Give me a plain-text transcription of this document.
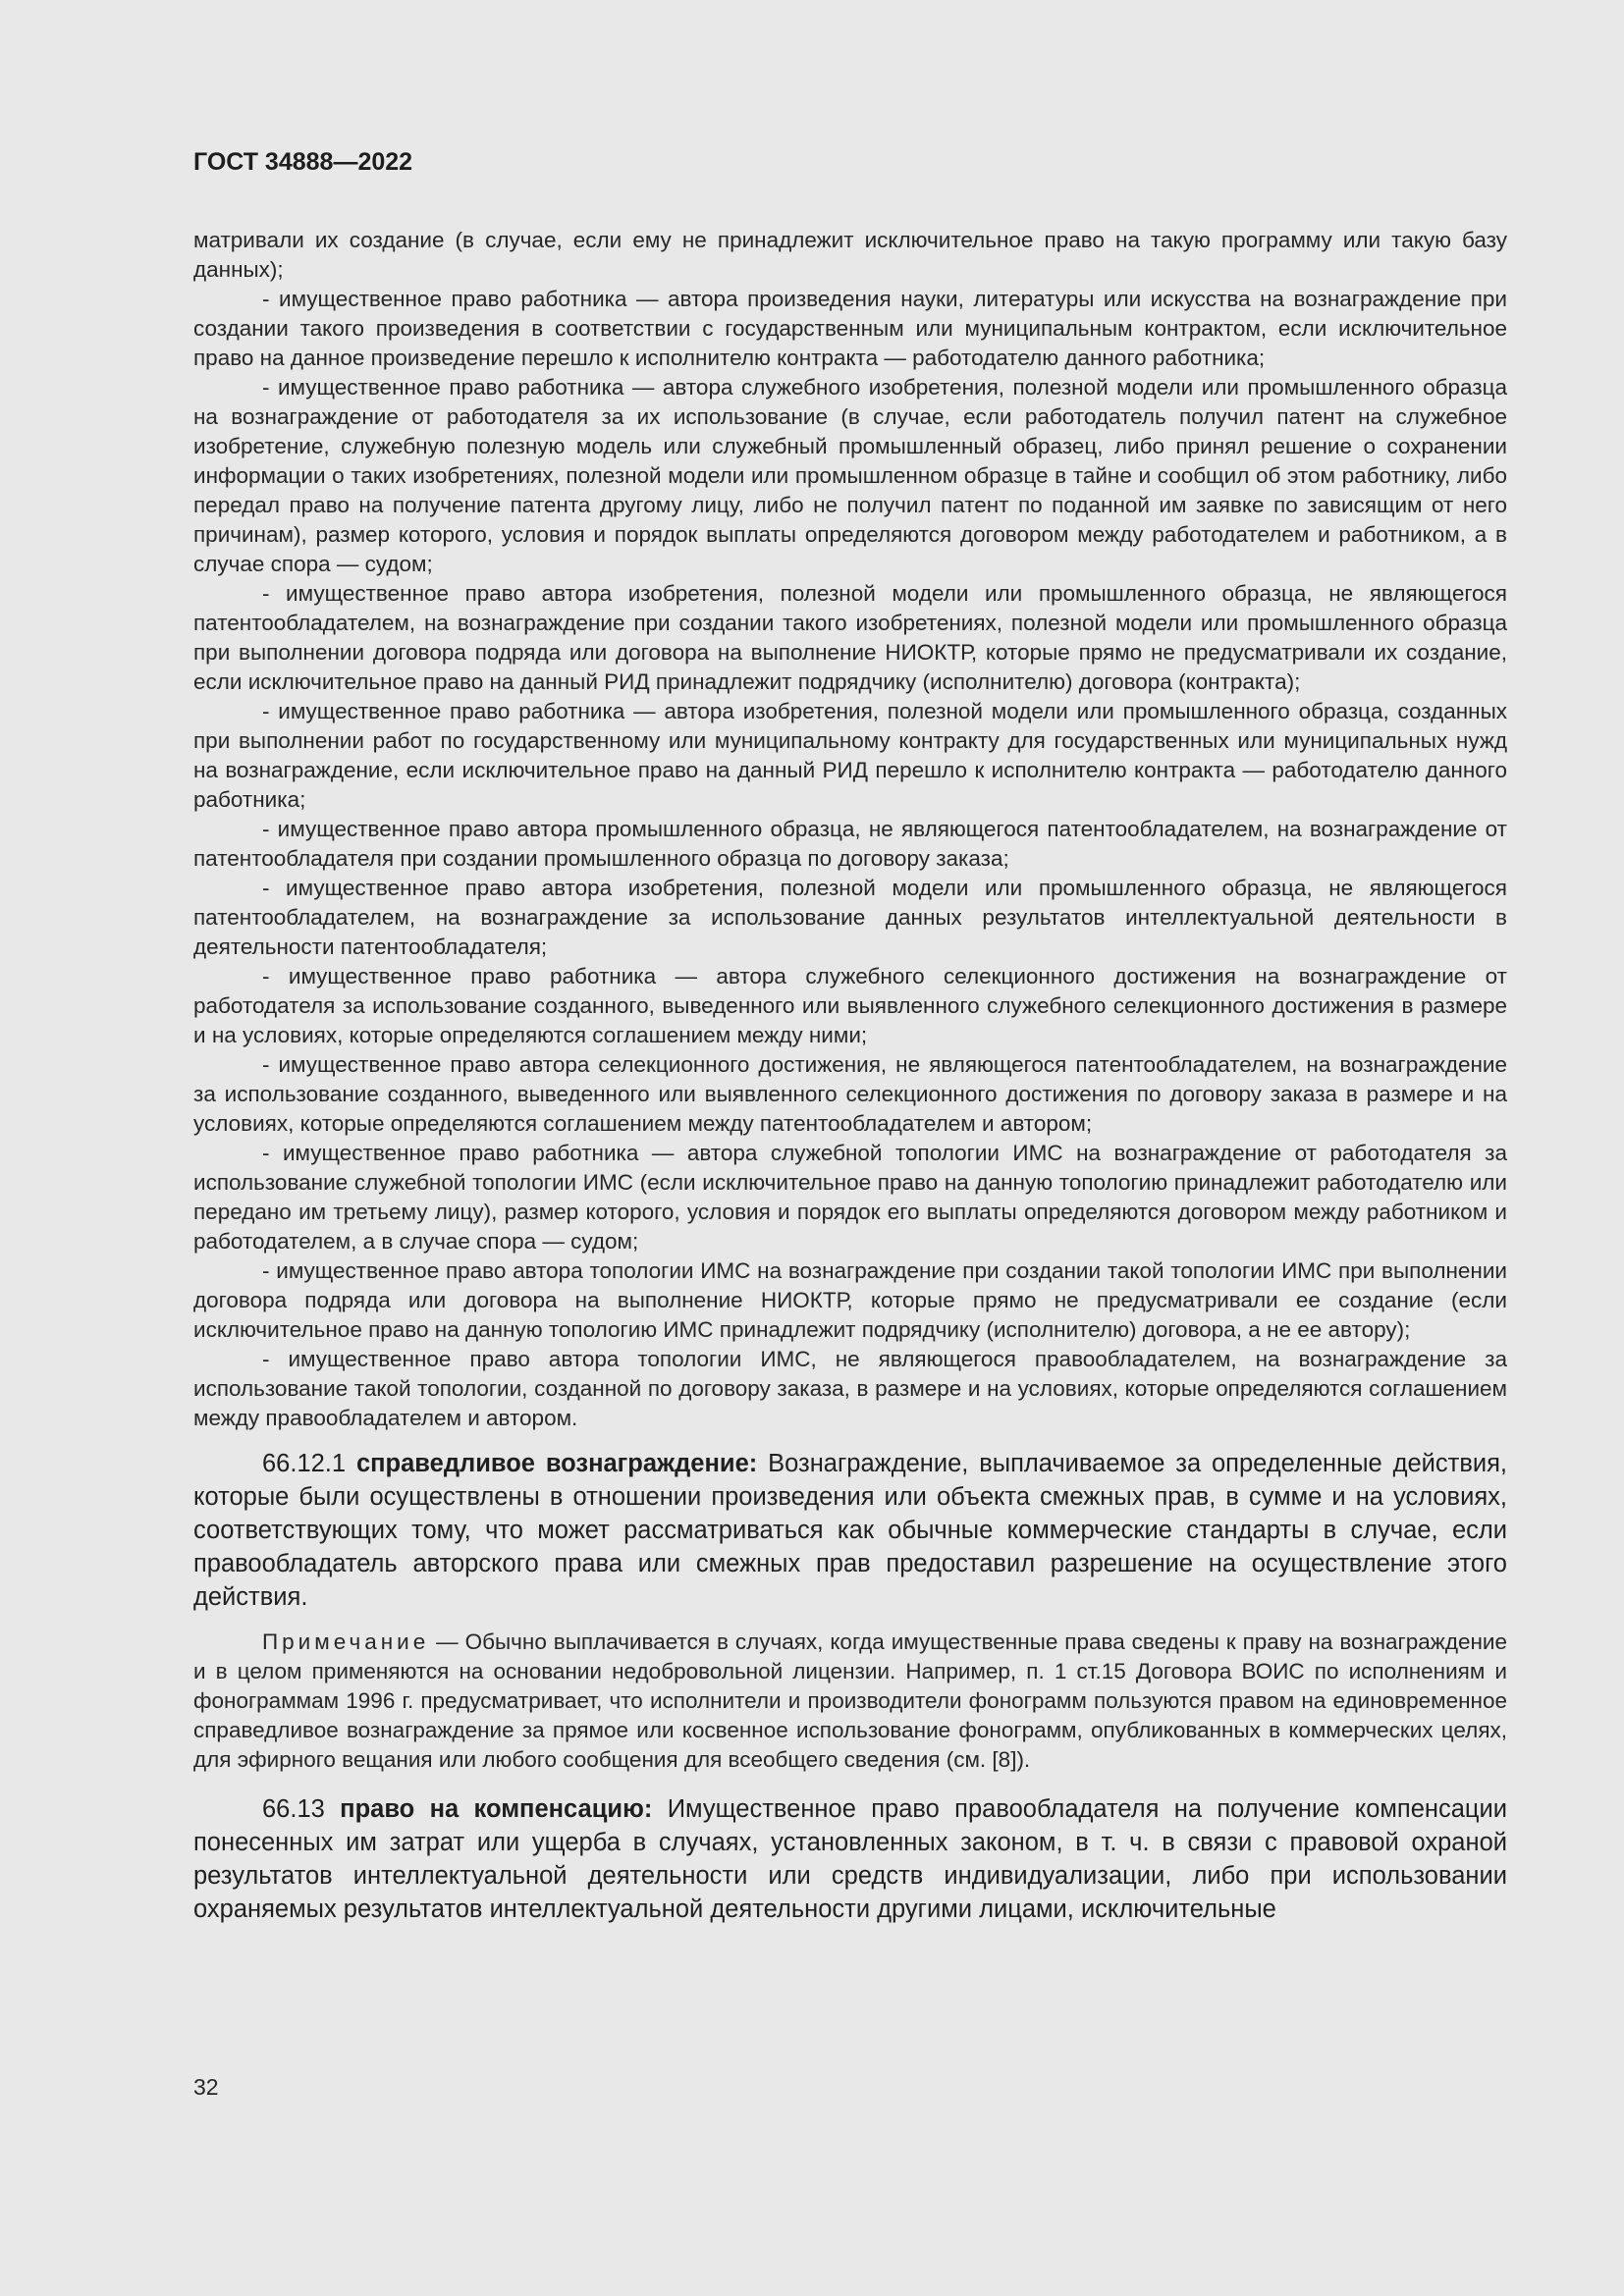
ГОСТ 34888—2022

матривали их создание (в случае, если ему не принадлежит исключительное право на такую программу или такую базу данных);

- имущественное право работника — автора произведения науки, литературы или искусства на вознаграждение при создании такого произведения в соответствии с государственным или муниципальным контрактом, если исключительное право на данное произведение перешло к исполнителю контракта — работодателю данного работника;

- имущественное право работника — автора служебного изобретения, полезной модели или промышленного образца на вознаграждение от работодателя за их использование (в случае, если работодатель получил патент на служебное изобретение, служебную полезную модель или служебный промышленный образец, либо принял решение о сохранении информации о таких изобретениях, полезной модели или промышленном образце в тайне и сообщил об этом работнику, либо передал право на получение патента другому лицу, либо не получил патент по поданной им заявке по зависящим от него причинам), размер которого, условия и порядок выплаты определяются договором между работодателем и работником, а в случае спора — судом;

- имущественное право автора изобретения, полезной модели или промышленного образца, не являющегося патентообладателем, на вознаграждение при создании такого изобретениях, полезной модели или промышленного образца при выполнении договора подряда или договора на выполнение НИОКТР, которые прямо не предусматривали их создание, если исключительное право на данный РИД принадлежит подрядчику (исполнителю) договора (контракта);

- имущественное право работника — автора изобретения, полезной модели или промышленного образца, созданных при выполнении работ по государственному или муниципальному контракту для государственных или муниципальных нужд на вознаграждение, если исключительное право на данный РИД перешло к исполнителю контракта — работодателю данного работника;

- имущественное право автора промышленного образца, не являющегося патентообладателем, на вознаграждение от патентообладателя при создании промышленного образца по договору заказа;

- имущественное право автора изобретения, полезной модели или промышленного образца, не являющегося патентообладателем, на вознаграждение за использование данных результатов интеллектуальной деятельности в деятельности патентообладателя;

- имущественное право работника — автора служебного селекционного достижения на вознаграждение от работодателя за использование созданного, выведенного или выявленного служебного селекционного достижения в размере и на условиях, которые определяются соглашением между ними;

- имущественное право автора селекционного достижения, не являющегося патентообладателем, на вознаграждение за использование созданного, выведенного или выявленного селекционного достижения по договору заказа в размере и на условиях, которые определяются соглашением между патентообладателем и автором;

- имущественное право работника — автора служебной топологии ИМС на вознаграждение от работодателя за использование служебной топологии ИМС (если исключительное право на данную топологию принадлежит работодателю или передано им третьему лицу), размер которого, условия и порядок его выплаты определяются договором между работником и работодателем, а в случае спора — судом;

- имущественное право автора топологии ИМС на вознаграждение при создании такой топологии ИМС при выполнении договора подряда или договора на выполнение НИОКТР, которые прямо не предусматривали ее создание (если исключительное право на данную топологию ИМС принадлежит подрядчику (исполнителю) договора, а не ее автору);

- имущественное право автора топологии ИМС, не являющегося правообладателем, на вознаграждение за использование такой топологии, созданной по договору заказа, в размере и на условиях, которые определяются соглашением между правообладателем и автором.

66.12.1 справедливое вознаграждение: Вознаграждение, выплачиваемое за определенные действия, которые были осуществлены в отношении произведения или объекта смежных прав, в сумме и на условиях, соответствующих тому, что может рассматриваться как обычные коммерческие стандарты в случае, если правообладатель авторского права или смежных прав предоставил разрешение на осуществление этого действия.

Примечание — Обычно выплачивается в случаях, когда имущественные права сведены к праву на вознаграждение и в целом применяются на основании недобровольной лицензии. Например, п. 1 ст.15 Договора ВОИС по исполнениям и фонограммам 1996 г. предусматривает, что исполнители и производители фонограмм пользуются правом на единовременное справедливое вознаграждение за прямое или косвенное использование фонограмм, опубликованных в коммерческих целях, для эфирного вещания или любого сообщения для всеобщего сведения (см. [8]).

66.13 право на компенсацию: Имущественное право правообладателя на получение компенсации понесенных им затрат или ущерба в случаях, установленных законом, в т. ч. в связи с правовой охраной результатов интеллектуальной деятельности или средств индивидуализации, либо при использовании охраняемых результатов интеллектуальной деятельности другими лицами, исключительные

32
